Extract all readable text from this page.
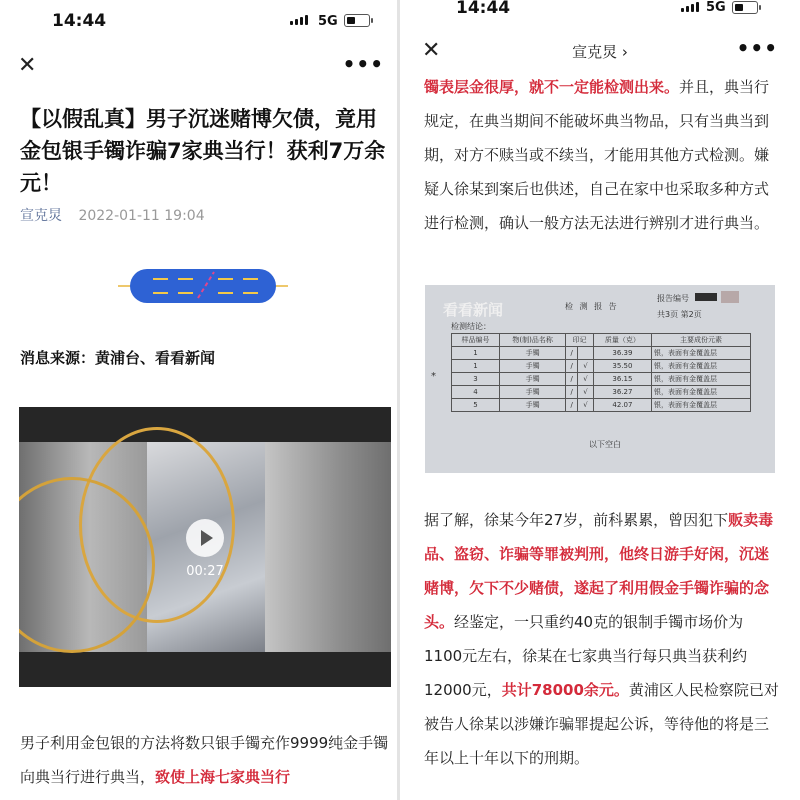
14:44	5G
✕	•••
【以假乱真】男子沉迷赌博欠债，竟用金包银手镯诈骗7家典当行！获利7万余元！
宣克炅 2022-01-11 19:04
消息来源：黄浦台、看看新闻
00:27

男子利用金包银的方法将数只银手镯充作9999纯金手镯向典当行进行典当，致使上海七家典当行

14:44	5G
✕	宣克炅 ›	•••

镯表层金很厚，就不一定能检测出来。并且，典当行规定，在典当期间不能破坏典当物品，只有当典当到期，对方不赎当或不续当，才能用其他方式检测。嫌疑人徐某到案后也供述，自己在家中也采取多种方式进行检测，确认一般方法无法进行辨别才进行典当。

看看新闻	检 测 报 告
报告编号
共3页 第2页
检测结论：
*
样品编号	物(制)品名称	印记		质量（克）	主要成份元素
1	手镯	/		36.39	银，表面有金覆盖层
1	手镯	/	√	35.50	银，表面有金覆盖层
3	手镯	/	√	36.15	银，表面有金覆盖层
4	手镯	/	√	36.27	银，表面有金覆盖层
5	手镯	/	√	42.07	银，表面有金覆盖层
以下空白

据了解，徐某今年27岁，前科累累，曾因犯下贩卖毒品、盗窃、诈骗等罪被判刑，他终日游手好闲，沉迷赌博，欠下不少赌债，遂起了利用假金手镯诈骗的念头。经鉴定，一只重约40克的银制手镯市场价为1100元左右，徐某在七家典当行每只典当获利约12000元，共计78000余元。黄浦区人民检察院已对被告人徐某以涉嫌诈骗罪提起公诉，等待他的将是三年以上十年以下的刑期。
